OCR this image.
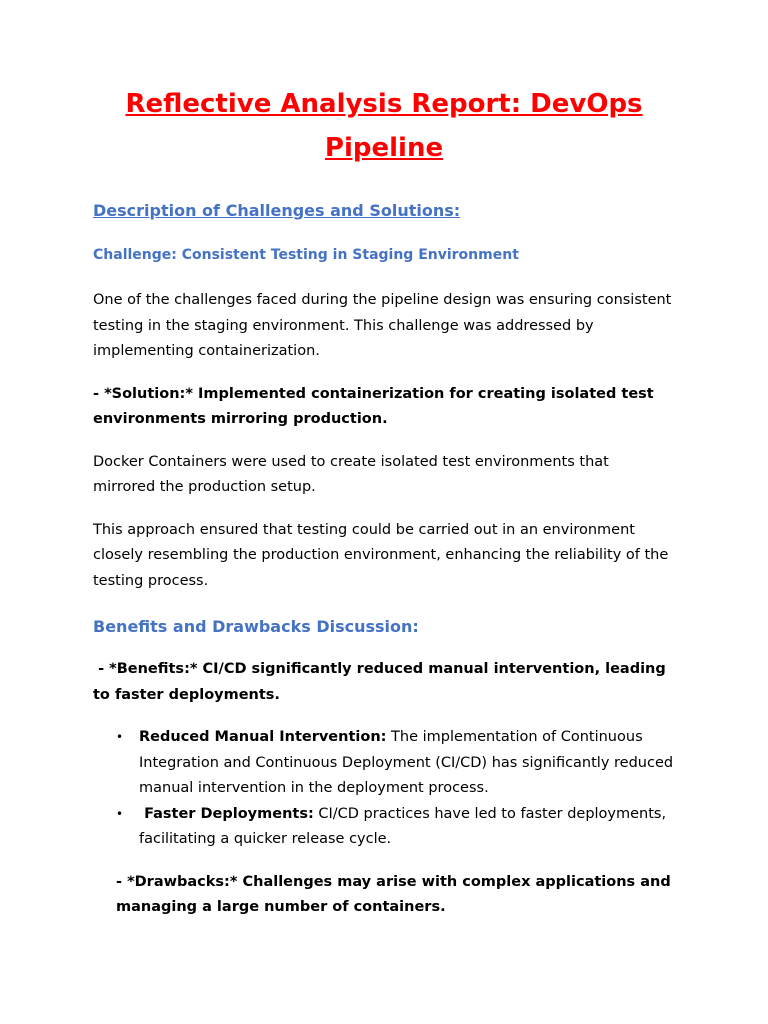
Reflective Analysis Report: DevOps Pipeline
Description of Challenges and Solutions:
Challenge: Consistent Testing in Staging Environment

One of the challenges faced during the pipeline design was ensuring consistent testing in the staging environment. This challenge was addressed by implementing containerization.

- *Solution:* Implemented containerization for creating isolated test environments mirroring production.

Docker Containers were used to create isolated test environments that mirrored the production setup.

This approach ensured that testing could be carried out in an environment closely resembling the production environment, enhancing the reliability of the testing process.

Benefits and Drawbacks Discussion:

- *Benefits:* CI/CD significantly reduced manual intervention, leading to faster deployments.

• Reduced Manual Intervention: The implementation of Continuous Integration and Continuous Deployment (CI/CD) has significantly reduced manual intervention in the deployment process.
• Faster Deployments: CI/CD practices have led to faster deployments, facilitating a quicker release cycle.

- *Drawbacks:* Challenges may arise with complex applications and managing a large number of containers.
